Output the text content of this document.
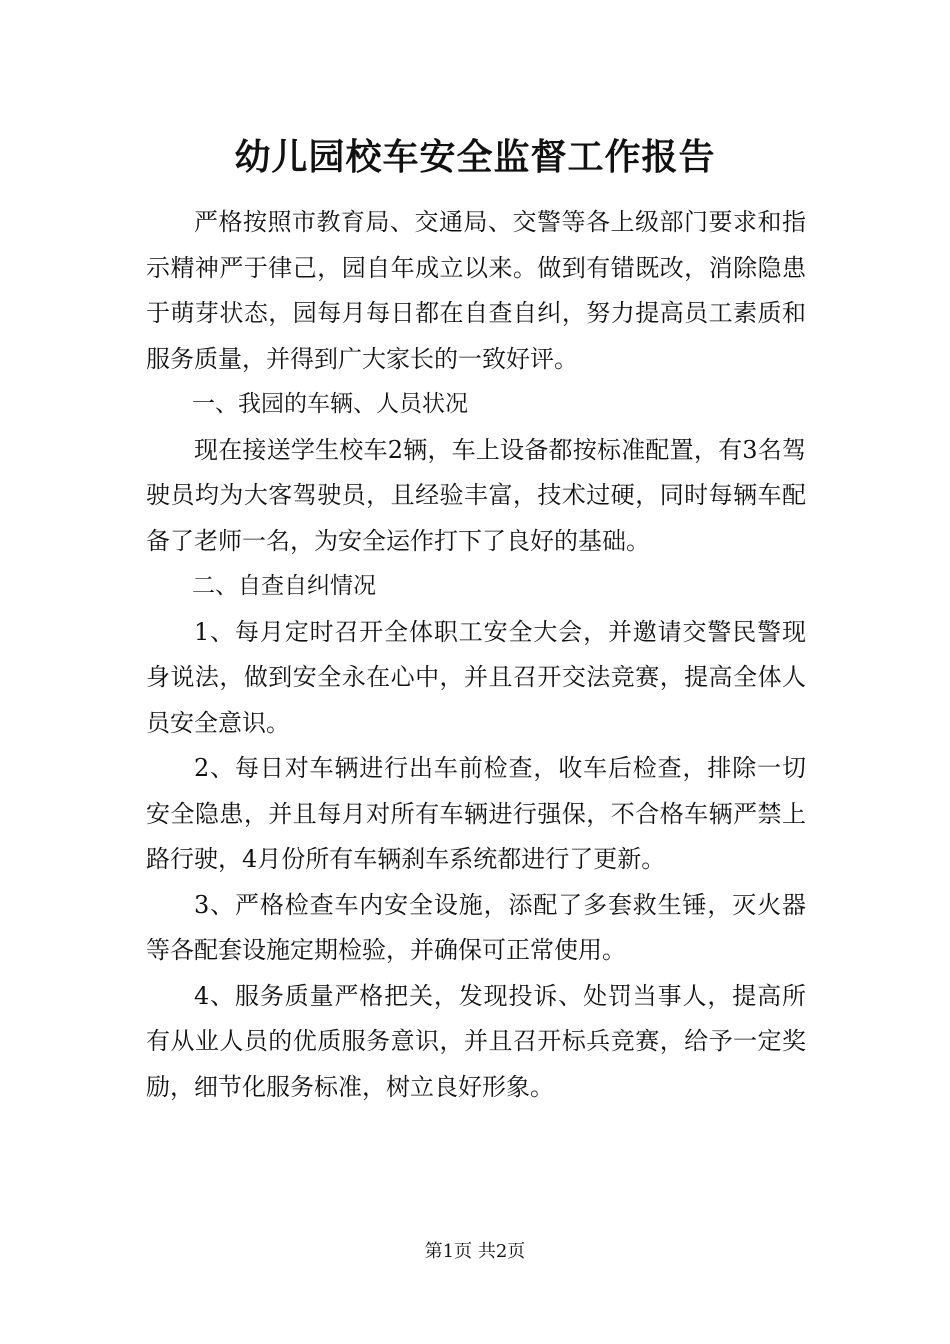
幼儿园校车安全监督工作报告

严格按照市教育局、交通局、交警等各上级部门要求和指示精神严于律己，园自年成立以来。做到有错既改，消除隐患于萌芽状态，园每月每日都在自查自纠，努力提高员工素质和服务质量，并得到广大家长的一致好评。

一、我园的车辆、人员状况

现在接送学生校车2辆，车上设备都按标准配置，有3名驾驶员均为大客驾驶员，且经验丰富，技术过硬，同时每辆车配备了老师一名，为安全运作打下了良好的基础。

二、自查自纠情况

1、每月定时召开全体职工安全大会，并邀请交警民警现身说法，做到安全永在心中，并且召开交法竞赛，提高全体人员安全意识。

2、每日对车辆进行出车前检查，收车后检查，排除一切安全隐患，并且每月对所有车辆进行强保，不合格车辆严禁上路行驶，4月份所有车辆刹车系统都进行了更新。

3、严格检查车内安全设施，添配了多套救生锤，灭火器等各配套设施定期检验，并确保可正常使用。

4、服务质量严格把关，发现投诉、处罚当事人，提高所有从业人员的优质服务意识，并且召开标兵竞赛，给予一定奖励，细节化服务标准，树立良好形象。

第1页 共2页
